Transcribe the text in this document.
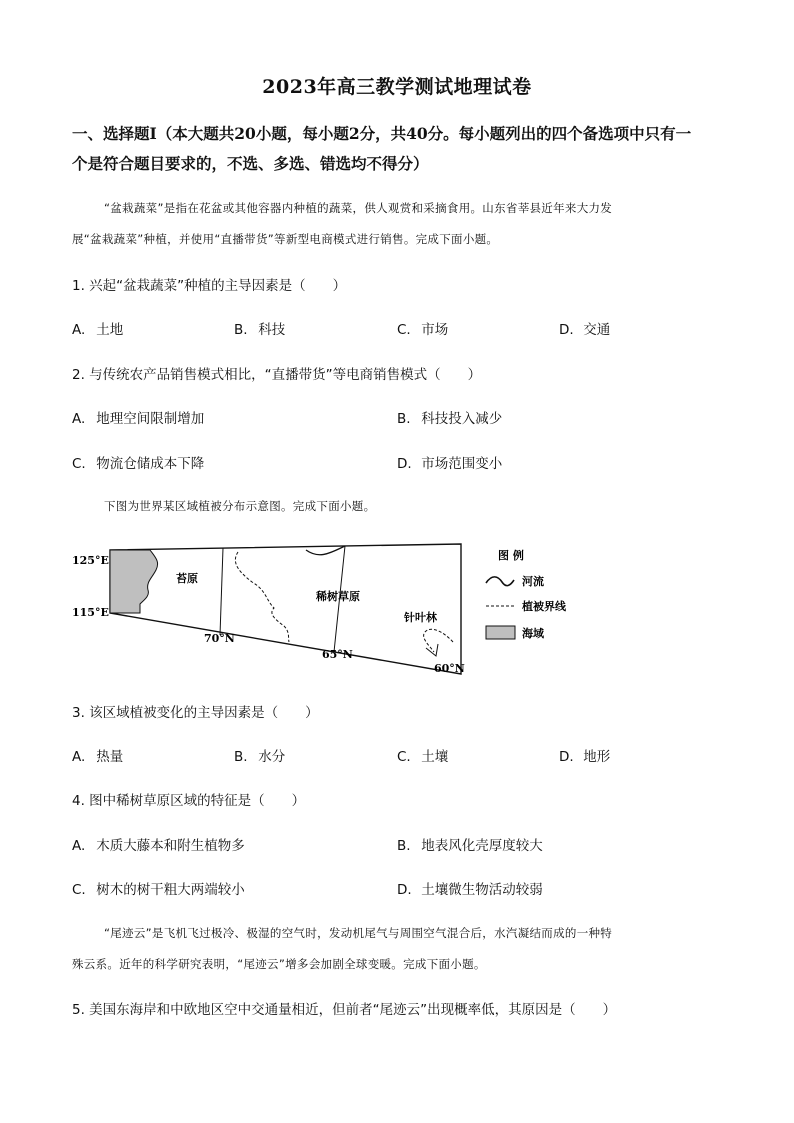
2023年高三教学测试地理试卷
一、选择题Ⅰ（本大题共20小题，每小题2分，共40分。每小题列出的四个备选项中只有一
个是符合题目要求的，不选、多选、错选均不得分）
“盆栽蔬菜”是指在花盆或其他容器内种植的蔬菜，供人观赏和采摘食用。山东省莘县近年来大力发
展“盆栽蔬菜”种植，并使用“直播带货”等新型电商模式进行销售。完成下面小题。
1. 兴起“盆栽蔬菜”种植的主导因素是（　　）
A. 土地	B. 科技	C. 市场	D. 交通
2. 与传统农产品销售模式相比，“直播带货”等电商销售模式（　　）
A. 地理空间限制增加	B. 科技投入减少
C. 物流仓储成本下降	D. 市场范围变小
下图为世界某区域植被分布示意图。完成下面小题。
125°E
115°E
苔原
稀树草原
针叶林
70°N
65°N
60°N
图 例
河流
植被界线
海域
3. 该区域植被变化的主导因素是（　　）
A. 热量	B. 水分	C. 土壤	D. 地形
4. 图中稀树草原区域的特征是（　　）
A. 木质大藤本和附生植物多	B. 地表风化壳厚度较大
C. 树木的树干粗大两端较小	D. 土壤微生物活动较弱
“尾迹云”是飞机飞过极冷、极湿的空气时，发动机尾气与周围空气混合后，水汽凝结而成的一种特
殊云系。近年的科学研究表明，“尾迹云”增多会加剧全球变暖。完成下面小题。
5. 美国东海岸和中欧地区空中交通量相近，但前者“尾迹云”出现概率低，其原因是（　　）
